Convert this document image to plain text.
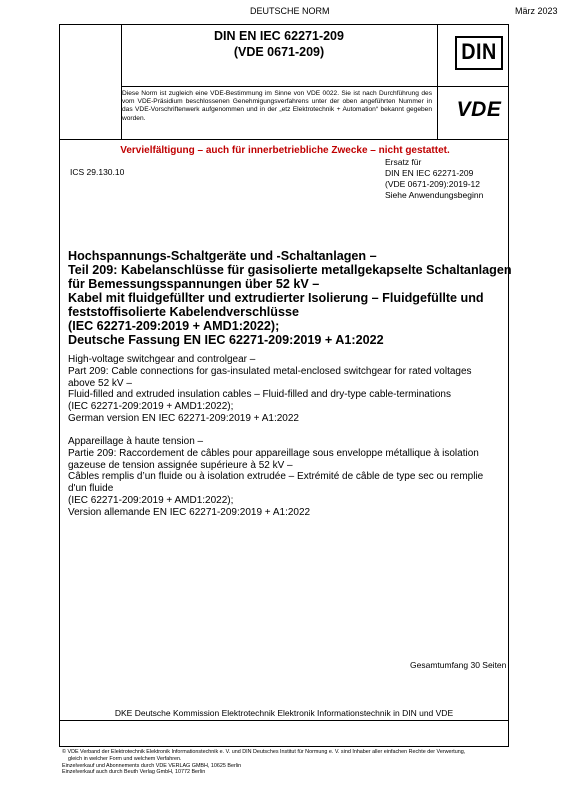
DEUTSCHE NORM	März 2023
DIN EN IEC 62271-209
(VDE 0671-209)	DIN
Diese Norm ist zugleich eine VDE-Bestimmung im Sinne von VDE 0022. Sie ist nach Durchführung des vom VDE-Präsidium beschlossenen Genehmigungsverfahrens unter der oben angeführten Nummer in das VDE-Vorschriftenwerk aufgenommen und in der „etz Elektrotechnik + Automation“ bekannt gegeben worden.	VDE
Vervielfältigung – auch für innerbetriebliche Zwecke – nicht gestattet.
ICS 29.130.10
Ersatz für
DIN EN IEC 62271-209
(VDE 0671-209):2019-12
Siehe Anwendungsbeginn
Hochspannungs-Schaltgeräte und -Schaltanlagen –
Teil 209: Kabelanschlüsse für gasisolierte metallgekapselte Schaltanlagen
für Bemessungsspannungen über 52 kV –
Kabel mit fluidgefüllter und extrudierter Isolierung – Fluidgefüllte und
feststoffisolierte Kabelendverschlüsse
(IEC 62271-209:2019 + AMD1:2022);
Deutsche Fassung EN IEC 62271-209:2019 + A1:2022
High-voltage switchgear and controlgear –
Part 209: Cable connections for gas-insulated metal-enclosed switchgear for rated voltages
above 52 kV –
Fluid-filled and extruded insulation cables – Fluid-filled and dry-type cable-terminations
(IEC 62271-209:2019 + AMD1:2022);
German version EN IEC 62271-209:2019 + A1:2022
Appareillage à haute tension –
Partie 209: Raccordement de câbles pour appareillage sous enveloppe métallique à isolation
gazeuse de tension assignée supérieure à 52 kV –
Câbles remplis d’un fluide ou à isolation extrudée – Extrémité de câble de type sec ou remplie
d'un fluide
(IEC 62271-209:2019 + AMD1:2022);
Version allemande EN IEC 62271-209:2019 + A1:2022
Gesamtumfang 30 Seiten
DKE Deutsche Kommission Elektrotechnik Elektronik Informationstechnik in DIN und VDE
© VDE Verband der Elektrotechnik Elektronik Informationstechnik e. V. und DIN Deutsches Institut für Normung e. V. sind Inhaber aller einfachen Rechte der Verwertung,
gleich in welcher Form und welchem Verfahren.
Einzelverkauf und Abonnements durch VDE VERLAG GMBH, 10625 Berlin
Einzelverkauf auch durch Beuth Verlag GmbH, 10772 Berlin
